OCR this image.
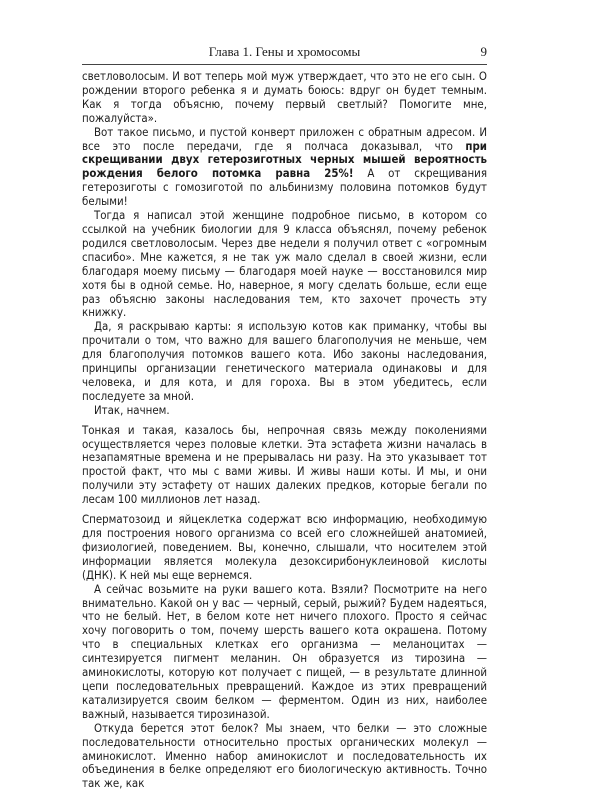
Глава 1. Гены и хромосомы	9

светловолосым. И вот теперь мой муж утверждает, что это не его сын. О рождении второго ребенка я и думать боюсь: вдруг он будет темным. Как я тогда объясню, почему первый светлый? Помогите мне, пожалуйста».

Вот такое письмо, и пустой конверт приложен с обратным адресом. И все это после передачи, где я полчаса доказывал, что при скрещивании двух гетерозиготных черных мышей вероятность рождения белого потомка равна 25%! А от скрещивания гетерозиготы с гомозиготой по альбинизму половина потомков будут белыми!

Тогда я написал этой женщине подробное письмо, в котором со ссылкой на учебник биологии для 9 класса объяснял, почему ребенок родился светловолосым. Через две недели я получил ответ с «огромным спасибо». Мне кажется, я не так уж мало сделал в своей жизни, если благодаря моему письму — благодаря моей науке — восстановился мир хотя бы в одной семье. Но, наверное, я могу сделать больше, если еще раз объясню законы наследования тем, кто захочет прочесть эту книжку.

Да, я раскрываю карты: я использую котов как приманку, чтобы вы прочитали о том, что важно для вашего благополучия не меньше, чем для благополучия потомков вашего кота. Ибо законы наследования, принципы организации генетического материала одинаковы и для человека, и для кота, и для гороха. Вы в этом убедитесь, если последуете за мной.

Итак, начнем.

Тонкая и такая, казалось бы, непрочная связь между поколениями осуществляется через половые клетки. Эта эстафета жизни началась в незапамятные времена и не прерывалась ни разу. На это указывает тот простой факт, что мы с вами живы. И живы наши коты. И мы, и они получили эту эстафету от наших далеких предков, которые бегали по лесам 100 миллионов лет назад.

Сперматозоид и яйцеклетка содержат всю информацию, необходимую для построения нового организма со всей его сложнейшей анатомией, физиологией, поведением. Вы, конечно, слышали, что носителем этой информации является молекула дезоксирибонуклеиновой кислоты (ДНК). К ней мы еще вернемся.

А сейчас возьмите на руки вашего кота. Взяли? Посмотрите на него внимательно. Какой он у вас — черный, серый, рыжий? Будем надеяться, что не белый. Нет, в белом коте нет ничего плохого. Просто я сейчас хочу поговорить о том, почему шерсть вашего кота окрашена. Потому что в специальных клетках его организма — меланоцитах — синтезируется пигмент меланин. Он образуется из тирозина — аминокислоты, которую кот получает с пищей, — в результате длинной цепи последовательных превращений. Каждое из этих превращений катализируется своим белком — ферментом. Один из них, наиболее важный, называется тирозиназой.

Откуда берется этот белок? Мы знаем, что белки — это сложные последовательности относительно простых органических молекул — аминокислот. Именно набор аминокислот и последовательность их объединения в белке определяют его биологическую активность. Точно так же, как
